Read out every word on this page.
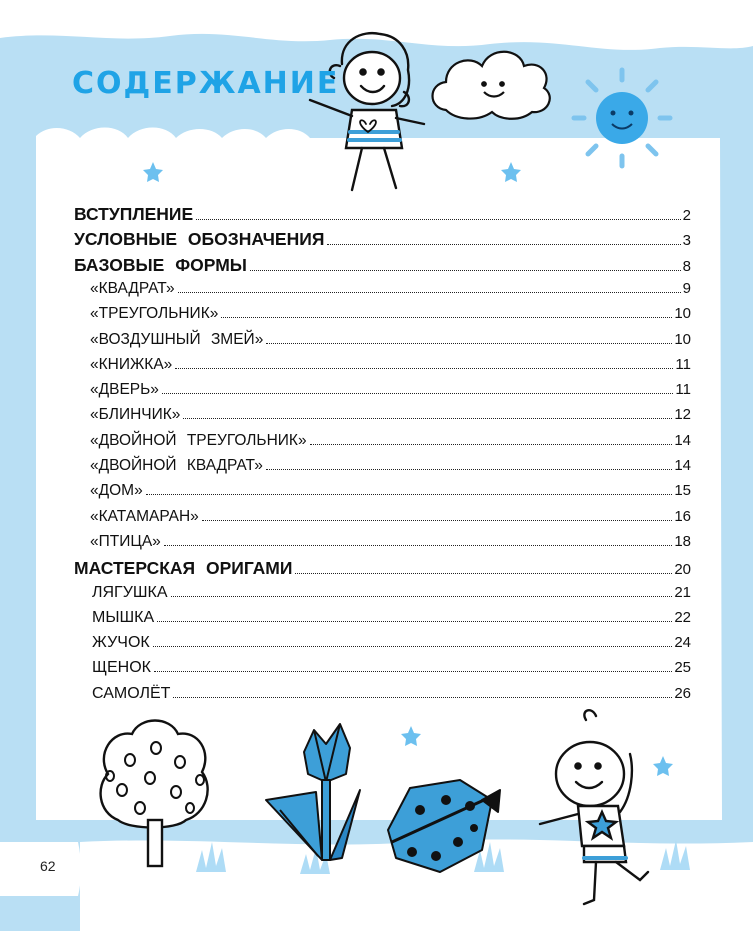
СОДЕРЖАНИЕ
ВСТУПЛЕНИЕ	2
УСЛОВНЫЕ ОБОЗНАЧЕНИЯ	3
БАЗОВЫЕ ФОРМЫ	8
«КВАДРАТ»	9
«ТРЕУГОЛЬНИК»	10
«ВОЗДУШНЫЙ ЗМЕЙ»	10
«КНИЖКА»	11
«ДВЕРЬ»	11
«БЛИНЧИК»	12
«ДВОЙНОЙ ТРЕУГОЛЬНИК»	14
«ДВОЙНОЙ КВАДРАТ»	14
«ДОМ»	15
«КАТАМАРАН»	16
«ПТИЦА»	18
МАСТЕРСКАЯ ОРИГАМИ	20
ЛЯГУШКА	21
МЫШКА	22
ЖУЧОК	24
ЩЕНОК	25
САМОЛЁТ	26
62
